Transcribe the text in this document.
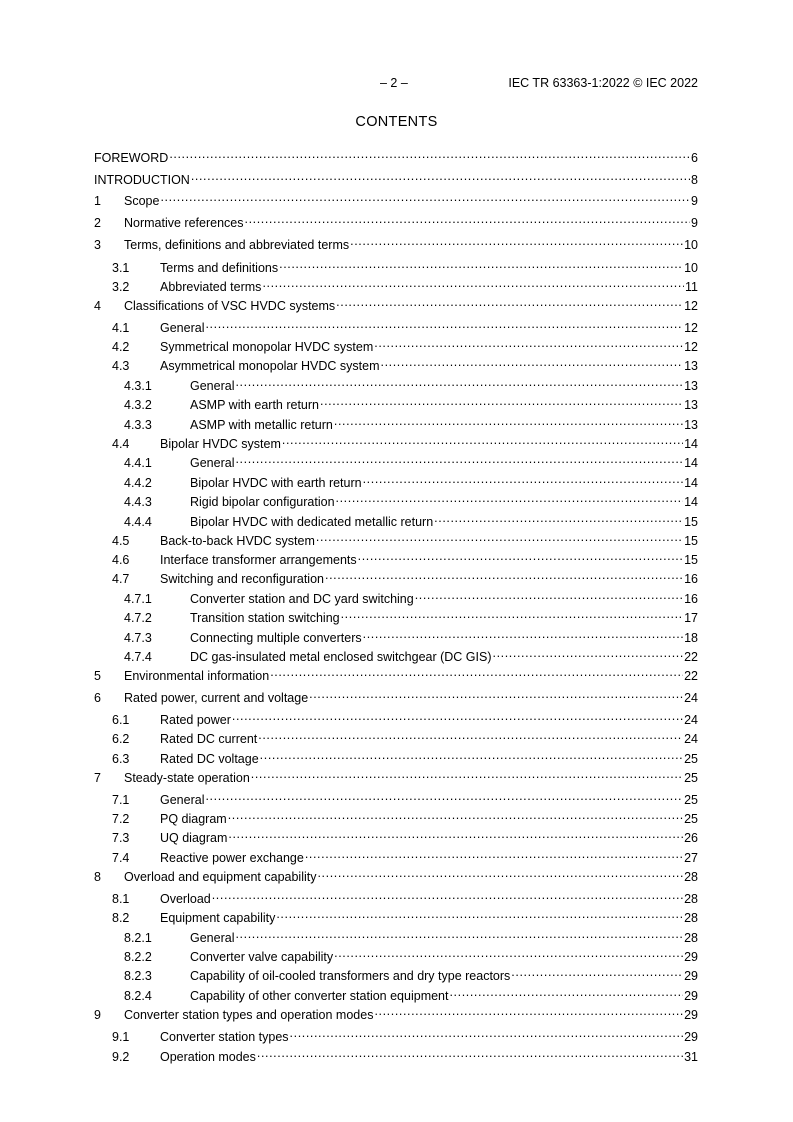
– 2 –	IEC TR 63363-1:2022 © IEC 2022
CONTENTS
FOREWORD .....	6
INTRODUCTION .....	8
1	Scope .....	9
2	Normative references .....	9
3	Terms, definitions and abbreviated terms .....	10
3.1	Terms and definitions .....	10
3.2	Abbreviated terms .....	11
4	Classifications of VSC HVDC systems .....	12
4.1	General .....	12
4.2	Symmetrical monopolar HVDC system .....	12
4.3	Asymmetrical monopolar HVDC system .....	13
4.3.1	General .....	13
4.3.2	ASMP with earth return .....	13
4.3.3	ASMP with metallic return .....	13
4.4	Bipolar HVDC system .....	14
4.4.1	General .....	14
4.4.2	Bipolar HVDC with earth return .....	14
4.4.3	Rigid bipolar configuration .....	14
4.4.4	Bipolar HVDC with dedicated metallic return .....	15
4.5	Back-to-back HVDC system .....	15
4.6	Interface transformer arrangements .....	15
4.7	Switching and reconfiguration .....	16
4.7.1	Converter station and DC yard switching .....	16
4.7.2	Transition station switching .....	17
4.7.3	Connecting multiple converters .....	18
4.7.4	DC gas-insulated metal enclosed switchgear (DC GIS) .....	22
5	Environmental information .....	22
6	Rated power, current and voltage .....	24
6.1	Rated power .....	24
6.2	Rated DC current .....	24
6.3	Rated DC voltage .....	25
7	Steady-state operation .....	25
7.1	General .....	25
7.2	PQ diagram .....	25
7.3	UQ diagram .....	26
7.4	Reactive power exchange .....	27
8	Overload and equipment capability .....	28
8.1	Overload .....	28
8.2	Equipment capability .....	28
8.2.1	General .....	28
8.2.2	Converter valve capability .....	29
8.2.3	Capability of oil-cooled transformers and dry type reactors .....	29
8.2.4	Capability of other converter station equipment .....	29
9	Converter station types and operation modes .....	29
9.1	Converter station types .....	29
9.2	Operation modes .....	31
